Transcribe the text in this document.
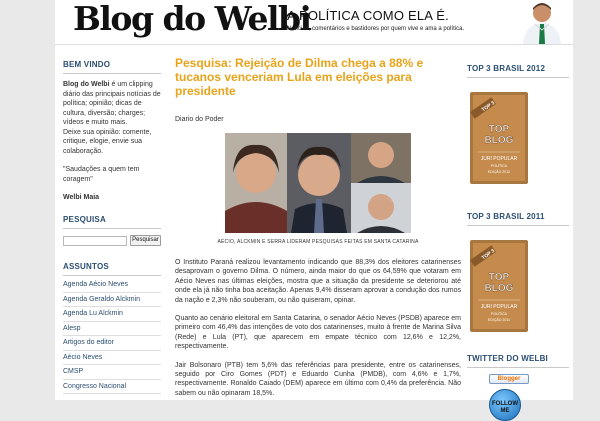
Blog do Welbi
A POLÍTICA COMO ELA É.
Notícias, comentários e bastidores por quem vive e ama a política.
BEM VINDO

Blog do Welbi é um clipping diário das principais notícias de política; opinião; dicas de cultura, diversão; charges; vídeos e muito mais.

Deixe sua opinião: comente, critique, elogie, envie sua colaboração.

"Saudações a quem tem coragem"

Welbi Maia
PESQUISA
Pesquisar
ASSUNTOS
Agenda Aécio Neves
Agenda Geraldo Alckmin
Agenda Lu Alckmin
Alesp
Artigos do editor
Aécio Neves
CMSP
Congresso Nacional
Pesquisa: Rejeição de Dilma chega a 88% e tucanos venceriam Lula em eleições para presidente
Diario do Poder
AÉCIO, ALCKMIN E SERRA LIDERAM PESQUISAS FEITAS EM SANTA CATARINA
O Instituto Paraná realizou levantamento indicando que 88,3% dos eleitores catarinenses desaprovam o governo Dilma. O número, ainda maior do que os 64,59% que votaram em Aécio Neves nas últimas eleições, mostra que a situação da presidente se deteriorou até onde ela já não tinha boa aceitação. Apenas 9,4% disseram aprovar a condução dos rumos da nação e 2,3% não souberam, ou não quiseram, opinar.
Quanto ao cenário eleitoral em Santa Catarina, o senador Aécio Neves (PSDB) aparece em primeiro com 46,4% das intenções de voto dos catarinenses, muito à frente de Marina Silva (Rede) e Lula (PT), que aparecem em empate técnico com 12,6% e 12,2%, respectivamente.
Jair Bolsonaro (PTB) tem 5,6% das referências para presidente, entre os catarinenses, seguido por Ciro Gomes (PDT) e Eduardo Cunha (PMDB), com 4,6% e 1,7%, respectivamente. Ronaldo Caiado (DEM) aparece em último com 0,4% da preferência. Não sabem ou não opinaram 18,5%.
TOP 3 BRASIL 2012
TOP 3
TOP
BLOG
JURI POPULAR
POLÍTICA
EDIÇÃO 2012
TOP 3 BRASIL 2011
TOP 3
TOP
BLOG
JURI POPULAR
POLÍTICA
EDIÇÃO 2011
TWITTER DO WELBI
Blogger
FOLLOW
ME
